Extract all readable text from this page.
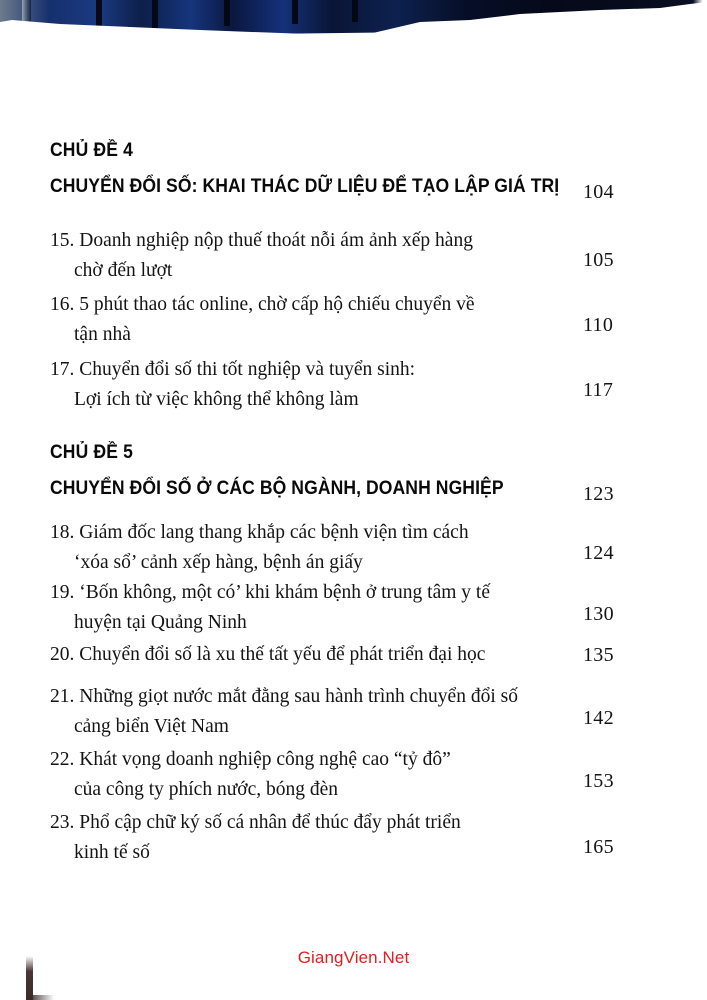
CHỦ ĐỀ 4
CHUYỂN ĐỔI SỐ: KHAI THÁC DỮ LIỆU ĐỂ TẠO LẬP GIÁ TRỊ 104
15. Doanh nghiệp nộp thuế thoát nỗi ám ảnh xếp hàng
chờ đến lượt	105
16. 5 phút thao tác online, chờ cấp hộ chiếu chuyển về
tận nhà	110
17. Chuyển đổi số thi tốt nghiệp và tuyển sinh:
Lợi ích từ việc không thể không làm	117
CHỦ ĐỀ 5
CHUYỂN ĐỔI SỐ Ở CÁC BỘ NGÀNH, DOANH NGHIỆP	123
18. Giám đốc lang thang khắp các bệnh viện tìm cách
‘xóa sổ’ cảnh xếp hàng, bệnh án giấy	124
19. ‘Bốn không, một có’ khi khám bệnh ở trung tâm y tế
huyện tại Quảng Ninh	130
20. Chuyển đổi số là xu thế tất yếu để phát triển đại học	135
21. Những giọt nước mắt đằng sau hành trình chuyển đổi số
cảng biển Việt Nam	142
22. Khát vọng doanh nghiệp công nghệ cao “tỷ đô”
của công ty phích nước, bóng đèn	153
23. Phổ cập chữ ký số cá nhân để thúc đẩy phát triển
kinh tế số	165
GiangVien.Net
